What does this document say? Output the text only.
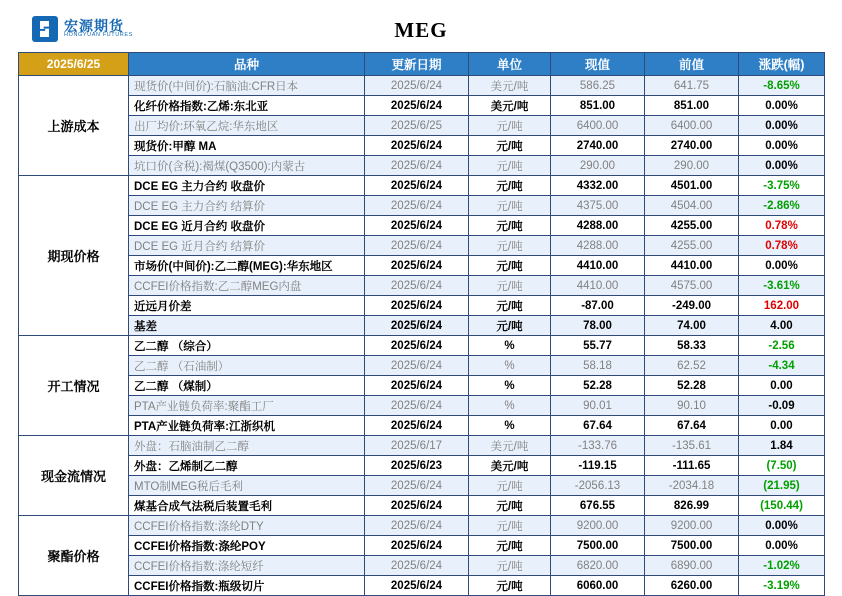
宏源期货
HONGYUAN FUTURES	MEG
2025/6/25	品种	更新日期	单位	现值	前值	涨跌(幅)
上游成本	现货价(中间价):石脑油:CFR日本	2025/6/24	美元/吨	586.25	641.75	-8.65%
	化纤价格指数:乙烯:东北亚	2025/6/24	美元/吨	851.00	851.00	0.00%
	出厂均价:环氧乙烷:华东地区	2025/6/25	元/吨	6400.00	6400.00	0.00%
	现货价:甲醇 MA	2025/6/24	元/吨	2740.00	2740.00	0.00%
	坑口价(含税):褐煤(Q3500):内蒙古	2025/6/24	元/吨	290.00	290.00	0.00%
期现价格	DCE EG 主力合约 收盘价	2025/6/24	元/吨	4332.00	4501.00	-3.75%
	DCE EG 主力合约 结算价	2025/6/24	元/吨	4375.00	4504.00	-2.86%
	DCE EG 近月合约 收盘价	2025/6/24	元/吨	4288.00	4255.00	0.78%
	DCE EG 近月合约 结算价	2025/6/24	元/吨	4288.00	4255.00	0.78%
	市场价(中间价):乙二醇(MEG):华东地区	2025/6/24	元/吨	4410.00	4410.00	0.00%
	CCFEI价格指数:乙二醇MEG内盘	2025/6/24	元/吨	4410.00	4575.00	-3.61%
	近远月价差	2025/6/24	元/吨	-87.00	-249.00	162.00
	基差	2025/6/24	元/吨	78.00	74.00	4.00
开工情况	乙二醇 （综合）	2025/6/24	%	55.77	58.33	-2.56
	乙二醇 （石油制）	2025/6/24	%	58.18	62.52	-4.34
	乙二醇 （煤制）	2025/6/24	%	52.28	52.28	0.00
	PTA产业链负荷率:聚酯工厂	2025/6/24	%	90.01	90.10	-0.09
	PTA产业链负荷率:江浙织机	2025/6/24	%	67.64	67.64	0.00
现金流情况	外盘：石脑油制乙二醇	2025/6/17	美元/吨	-133.76	-135.61	1.84
	外盘：乙烯制乙二醇	2025/6/23	美元/吨	-119.15	-111.65	(7.50)
	MTO制MEG税后毛利	2025/6/24	元/吨	-2056.13	-2034.18	(21.95)
	煤基合成气法税后装置毛利	2025/6/24	元/吨	676.55	826.99	(150.44)
聚酯价格	CCFEI价格指数:涤纶DTY	2025/6/24	元/吨	9200.00	9200.00	0.00%
	CCFEI价格指数:涤纶POY	2025/6/24	元/吨	7500.00	7500.00	0.00%
	CCFEI价格指数:涤纶短纤	2025/6/24	元/吨	6820.00	6890.00	-1.02%
	CCFEI价格指数:瓶级切片	2025/6/24	元/吨	6060.00	6260.00	-3.19%
